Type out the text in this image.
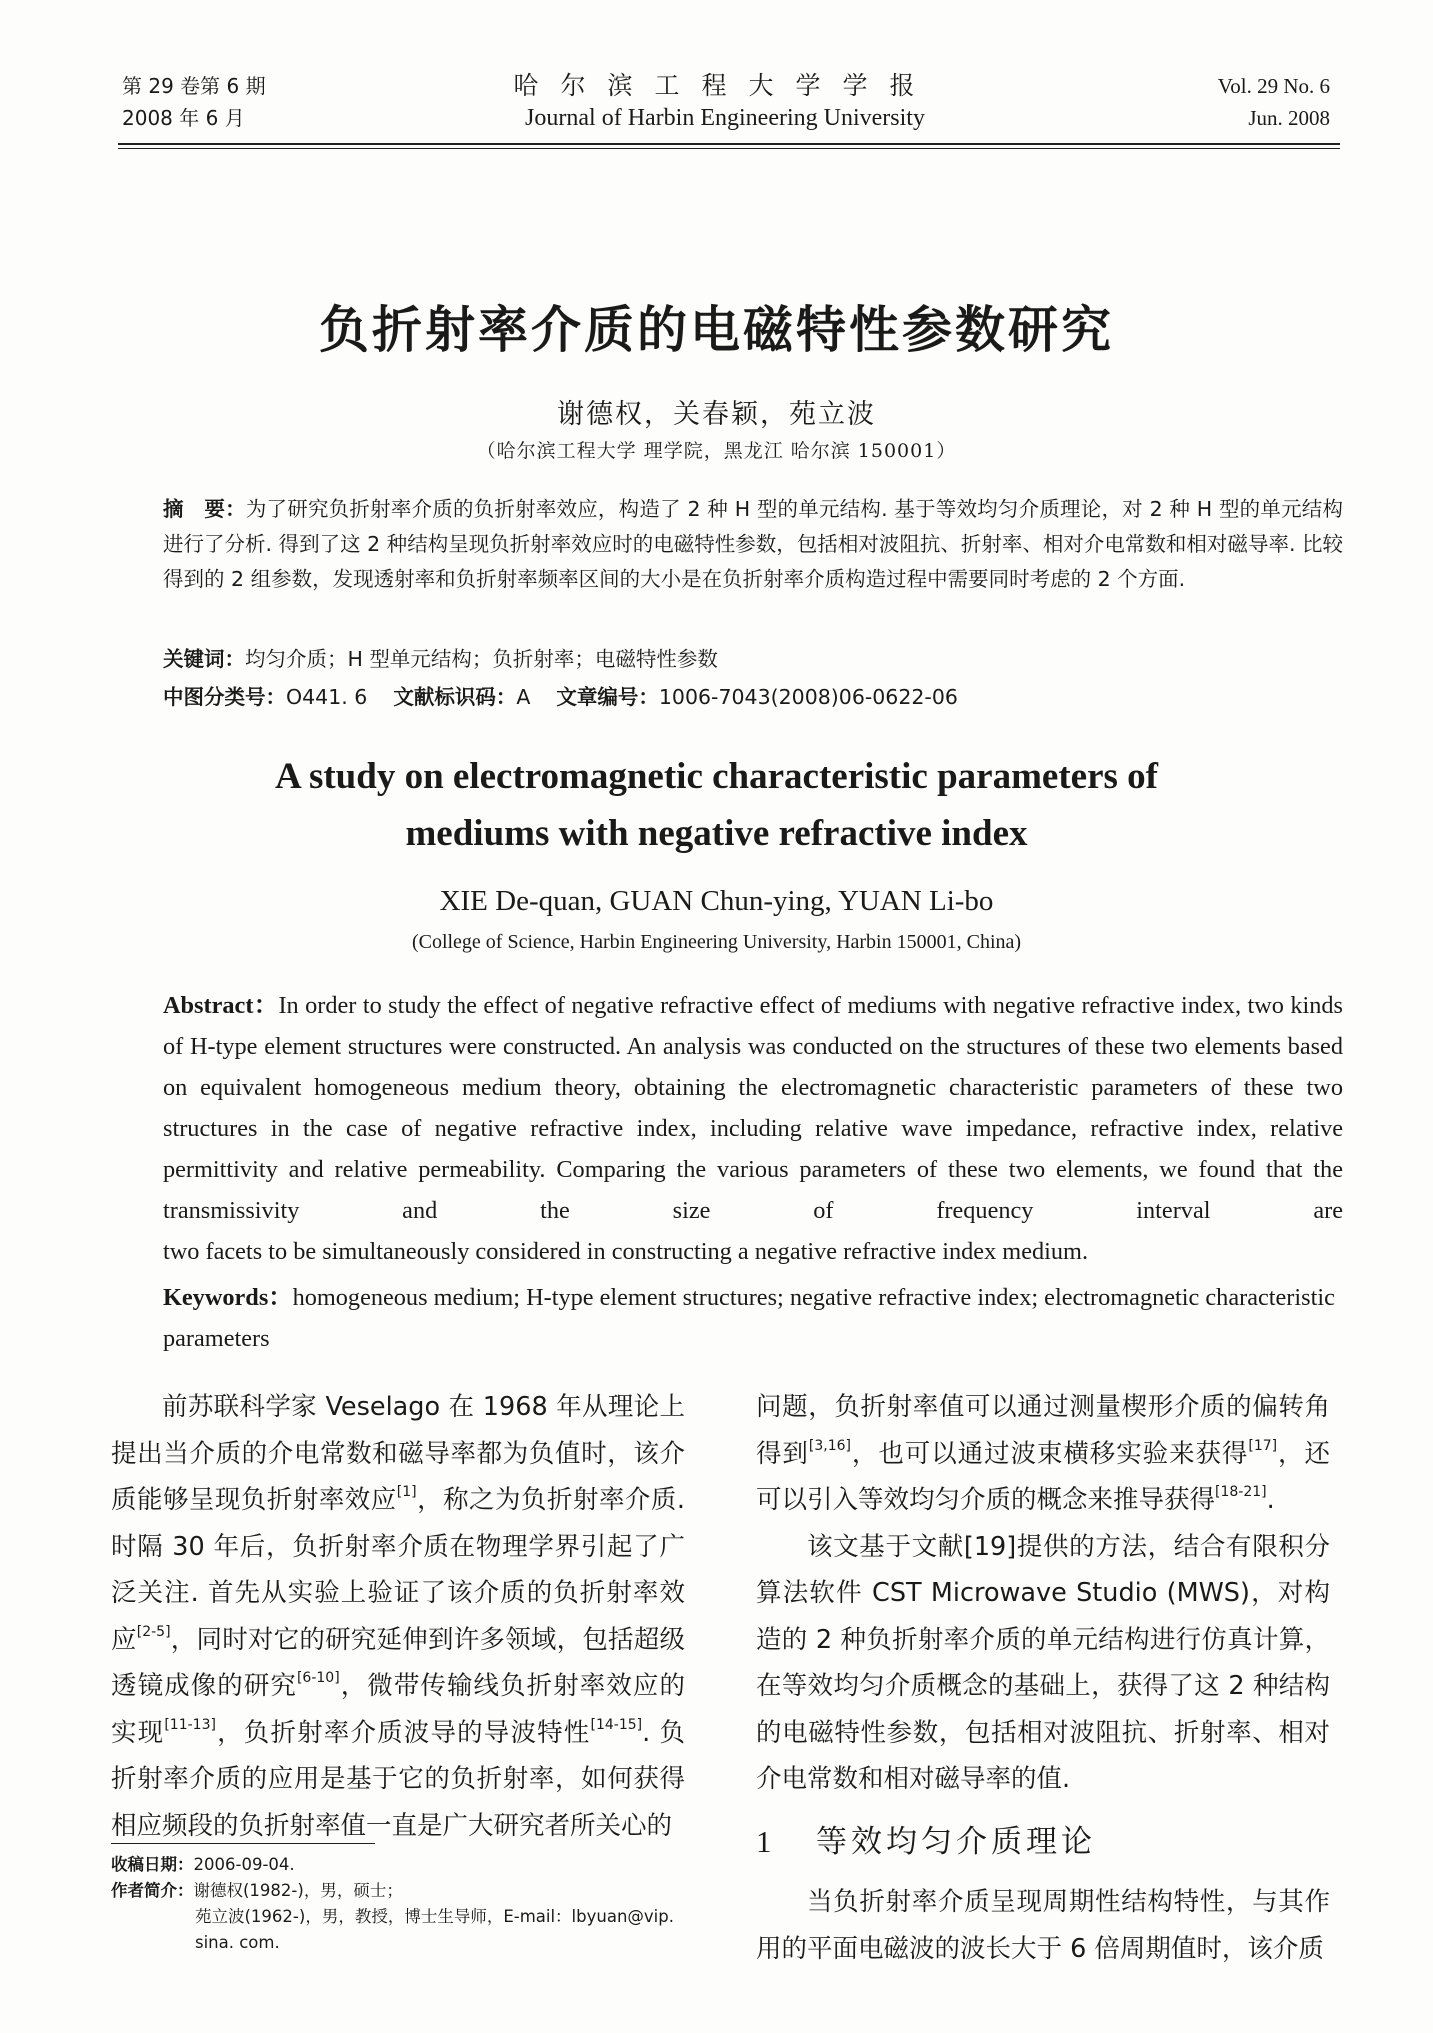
第 29 卷第 6 期
2008 年 6 月
哈尔滨工程大学学报
Journal of Harbin Engineering University
Vol. 29 No. 6
Jun. 2008
负折射率介质的电磁特性参数研究
谢德权，关春颖，苑立波
（哈尔滨工程大学 理学院，黑龙江 哈尔滨 150001）
摘　要：为了研究负折射率介质的负折射率效应，构造了 2 种 H 型的单元结构. 基于等效均匀介质理论，对 2 种 H 型的单元结构进行了分析. 得到了这 2 种结构呈现负折射率效应时的电磁特性参数，包括相对波阻抗、折射率、相对介电常数和相对磁导率. 比较得到的 2 组参数，发现透射率和负折射率频率区间的大小是在负折射率介质构造过程中需要同时考虑的 2 个方面.
关键词：均匀介质；H 型单元结构；负折射率；电磁特性参数
中图分类号：O441. 6 文献标识码：A 文章编号：1006-7043(2008)06-0622-06
A study on electromagnetic characteristic parameters of
mediums with negative refractive index
XIE De-quan, GUAN Chun-ying, YUAN Li-bo
(College of Science, Harbin Engineering University, Harbin 150001, China)
Abstract：In order to study the effect of negative refractive effect of mediums with negative refractive index, two kinds of H-type element structures were constructed. An analysis was conducted on the structures of these two elements based on equivalent homogeneous medium theory, obtaining the electromagnetic characteristic parameters of these two structures in the case of negative refractive index, including relative wave impedance, refractive index, relative permittivity and relative permeability. Comparing the various parameters of these two elements, we found that the transmissivity and the size of frequency interval are
two facets to be simultaneously considered in constructing a negative refractive index medium.
Keywords：homogeneous medium; H-type element structures; negative refractive index; electromagnetic characteristic parameters

前苏联科学家 Veselago 在 1968 年从理论上提出当介质的介电常数和磁导率都为负值时，该介质能够呈现负折射率效应[1]，称之为负折射率介质. 时隔 30 年后，负折射率介质在物理学界引起了广泛关注. 首先从实验上验证了该介质的负折射率效应[2-5]，同时对它的研究延伸到许多领域，包括超级透镜成像的研究[6-10]，微带传输线负折射率效应的实现[11-13]，负折射率介质波导的导波特性[14-15]. 负折射率介质的应用是基于它的负折射率，如何获得相应频段的负折射率值一直是广大研究者所关心的

问题，负折射率值可以通过测量楔形介质的偏转角得到[3,16]，也可以通过波束横移实验来获得[17]，还可以引入等效均匀介质的概念来推导获得[18-21].

该文基于文献[19]提供的方法，结合有限积分算法软件 CST Microwave Studio (MWS)，对构造的 2 种负折射率介质的单元结构进行仿真计算，在等效均匀介质概念的基础上，获得了这 2 种结构的电磁特性参数，包括相对波阻抗、折射率、相对介电常数和相对磁导率的值.

1 等效均匀介质理论

当负折射率介质呈现周期性结构特性，与其作用的平面电磁波的波长大于 6 倍周期值时，该介质

收稿日期：2006-09-04.
作者简介：谢德权(1982-)，男，硕士；
苑立波(1962-)，男，教授，博士生导师，E-mail：lbyuan@vip. sina. com.
